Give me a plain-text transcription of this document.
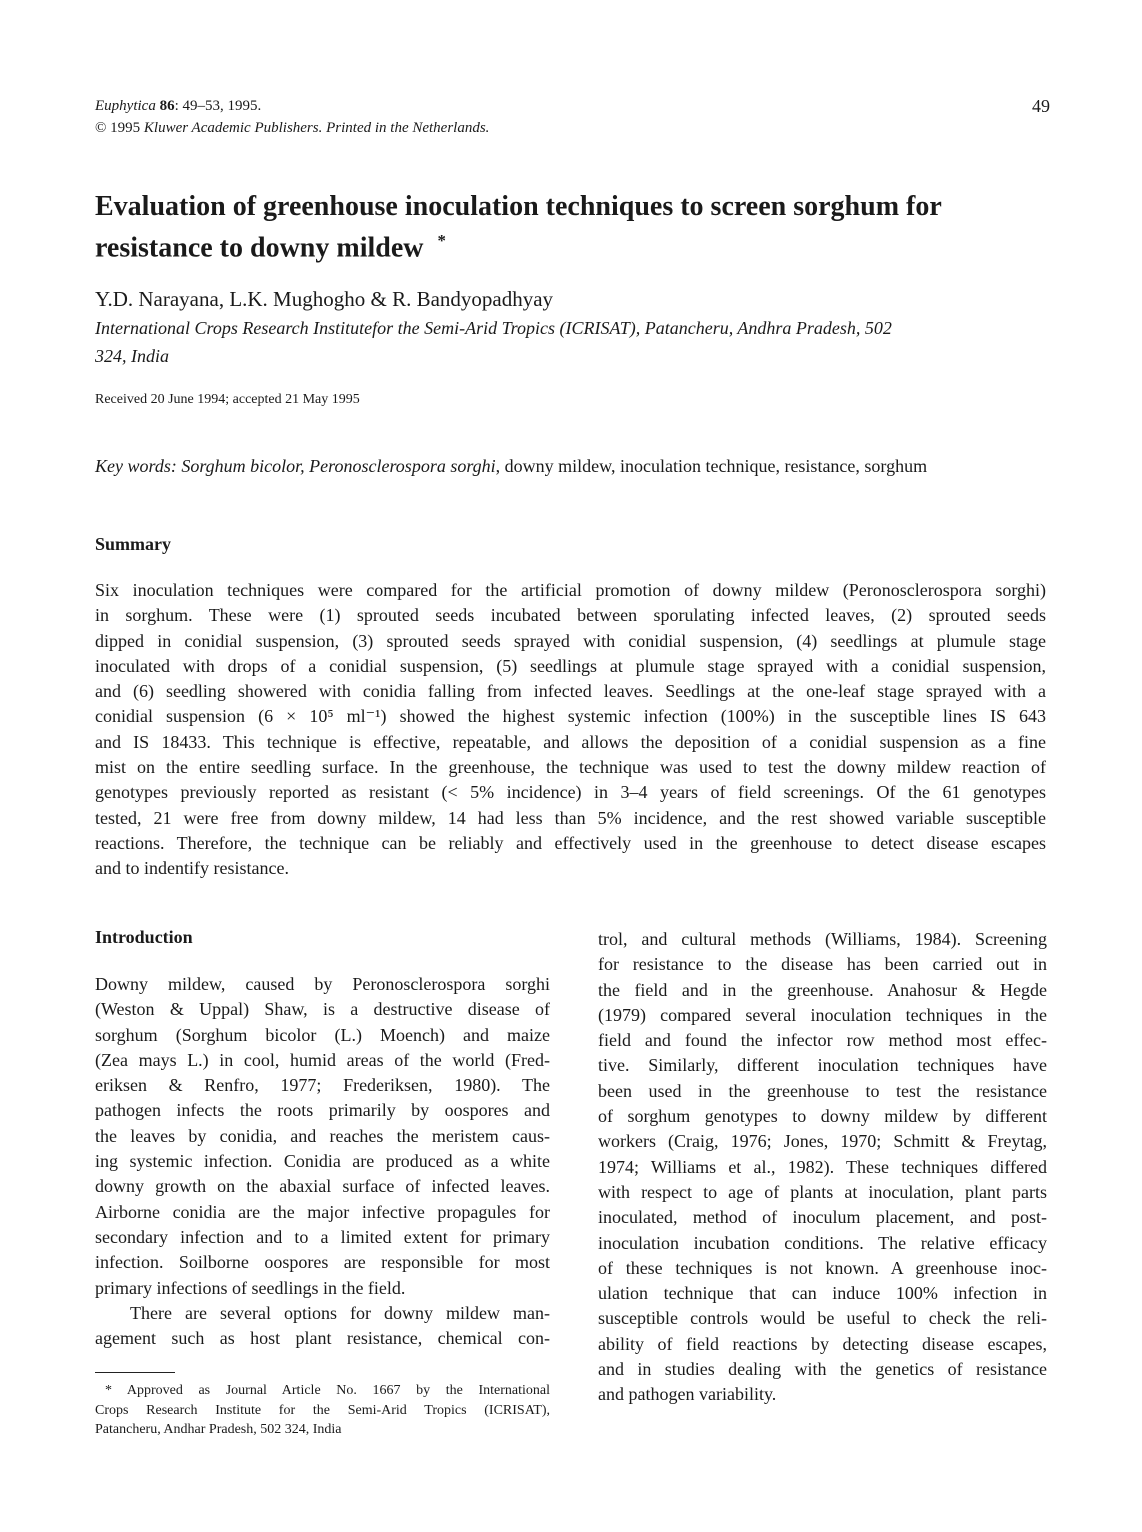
Euphytica 86: 49–53, 1995.
© 1995 Kluwer Academic Publishers. Printed in the Netherlands.
49
Evaluation of greenhouse inoculation techniques to screen sorghum for
resistance to downy mildew *
Y.D. Narayana, L.K. Mughogho & R. Bandyopadhyay
International Crops Research Institutefor the Semi-Arid Tropics (ICRISAT), Patancheru, Andhra Pradesh, 502
324, India
Received 20 June 1994; accepted 21 May 1995
Key words: Sorghum bicolor, Peronosclerospora sorghi, downy mildew, inoculation technique, resistance, sorghum
Summary
Six inoculation techniques were compared for the artificial promotion of downy mildew (Peronosclerospora sorghi)
in sorghum. These were (1) sprouted seeds incubated between sporulating infected leaves, (2) sprouted seeds
dipped in conidial suspension, (3) sprouted seeds sprayed with conidial suspension, (4) seedlings at plumule stage
inoculated with drops of a conidial suspension, (5) seedlings at plumule stage sprayed with a conidial suspension,
and (6) seedling showered with conidia falling from infected leaves. Seedlings at the one-leaf stage sprayed with a
conidial suspension (6 × 10⁵ ml⁻¹) showed the highest systemic infection (100%) in the susceptible lines IS 643
and IS 18433. This technique is effective, repeatable, and allows the deposition of a conidial suspension as a fine
mist on the entire seedling surface. In the greenhouse, the technique was used to test the downy mildew reaction of
genotypes previously reported as resistant (< 5% incidence) in 3–4 years of field screenings. Of the 61 genotypes
tested, 21 were free from downy mildew, 14 had less than 5% incidence, and the rest showed variable susceptible
reactions. Therefore, the technique can be reliably and effectively used in the greenhouse to detect disease escapes
and to indentify resistance.
Introduction
Downy mildew, caused by Peronosclerospora sorghi
(Weston & Uppal) Shaw, is a destructive disease of
sorghum (Sorghum bicolor (L.) Moench) and maize
(Zea mays L.) in cool, humid areas of the world (Fred-
eriksen & Renfro, 1977; Frederiksen, 1980). The
pathogen infects the roots primarily by oospores and
the leaves by conidia, and reaches the meristem caus-
ing systemic infection. Conidia are produced as a white
downy growth on the abaxial surface of infected leaves.
Airborne conidia are the major infective propagules for
secondary infection and to a limited extent for primary
infection. Soilborne oospores are responsible for most
primary infections of seedlings in the field.
There are several options for downy mildew man-
agement such as host plant resistance, chemical con-
trol, and cultural methods (Williams, 1984). Screening
for resistance to the disease has been carried out in
the field and in the greenhouse. Anahosur & Hegde
(1979) compared several inoculation techniques in the
field and found the infector row method most effec-
tive. Similarly, different inoculation techniques have
been used in the greenhouse to test the resistance
of sorghum genotypes to downy mildew by different
workers (Craig, 1976; Jones, 1970; Schmitt & Freytag,
1974; Williams et al., 1982). These techniques differed
with respect to age of plants at inoculation, plant parts
inoculated, method of inoculum placement, and post-
inoculation incubation conditions. The relative efficacy
of these techniques is not known. A greenhouse inoc-
ulation technique that can induce 100% infection in
susceptible controls would be useful to check the reli-
ability of field reactions by detecting disease escapes,
and in studies dealing with the genetics of resistance
and pathogen variability.
* Approved as Journal Article No. 1667 by the International
Crops Research Institute for the Semi-Arid Tropics (ICRISAT),
Patancheru, Andhar Pradesh, 502 324, India
